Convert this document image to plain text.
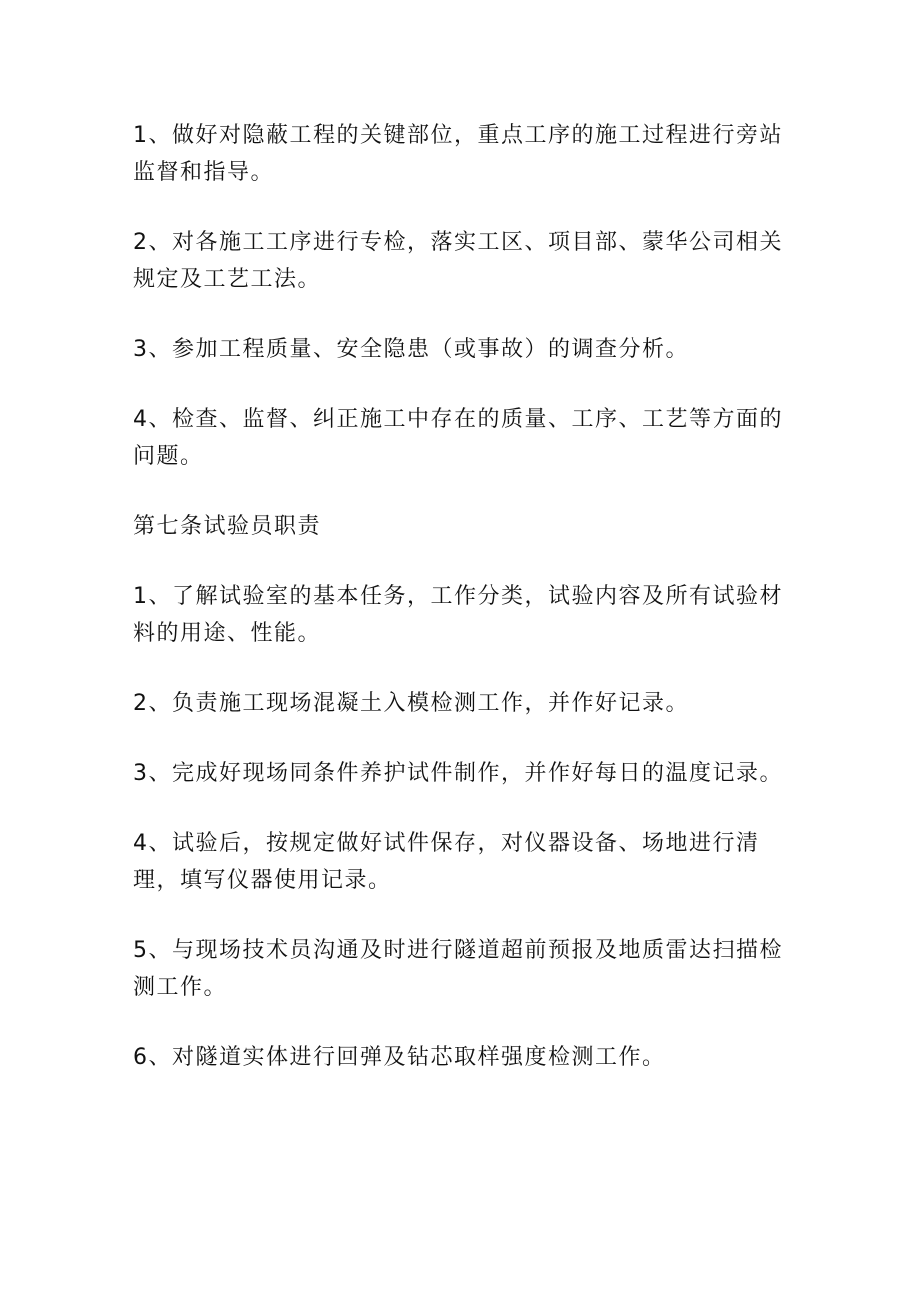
1、做好对隐蔽工程的关键部位，重点工序的施工过程进行旁站监督和指导。

2、对各施工工序进行专检，落实工区、项目部、蒙华公司相关规定及工艺工法。

3、参加工程质量、安全隐患（或事故）的调查分析。

4、检查、监督、纠正施工中存在的质量、工序、工艺等方面的问题。

第七条试验员职责

1、了解试验室的基本任务，工作分类，试验内容及所有试验材料的用途、性能。

2、负责施工现场混凝土入模检测工作，并作好记录。

3、完成好现场同条件养护试件制作，并作好每日的温度记录。

4、试验后，按规定做好试件保存，对仪器设备、场地进行清理，填写仪器使用记录。

5、与现场技术员沟通及时进行隧道超前预报及地质雷达扫描检测工作。

6、对隧道实体进行回弹及钻芯取样强度检测工作。
